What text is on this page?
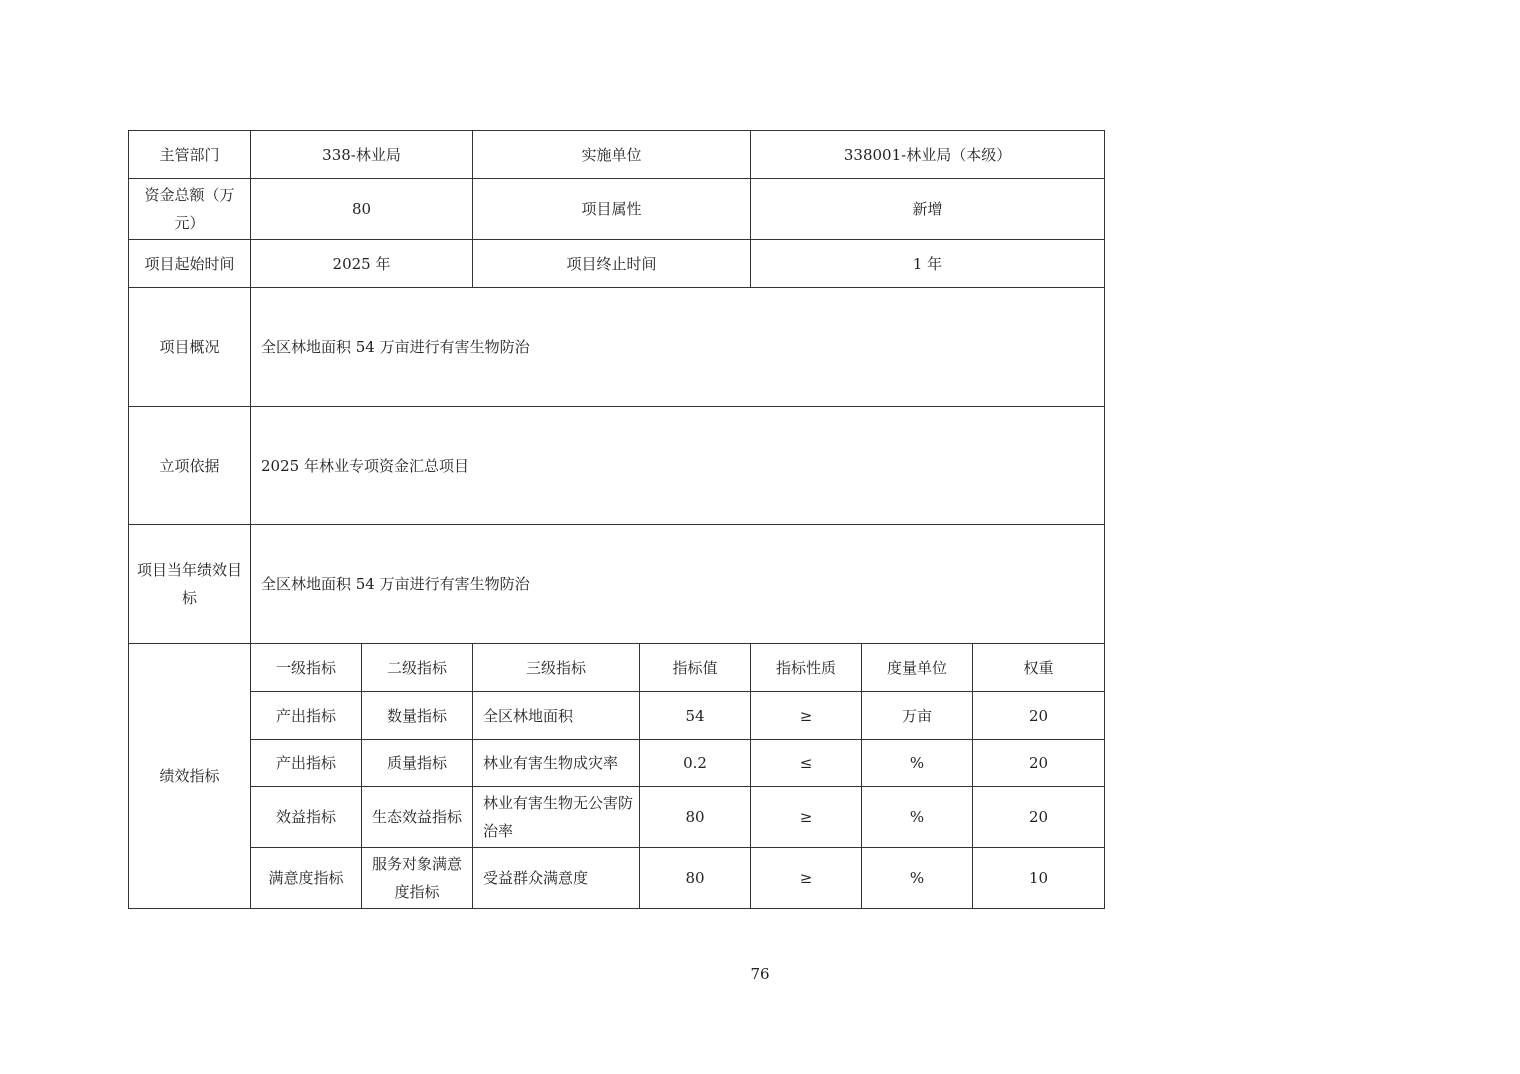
主管部门	338-林业局		实施单位		338001-林业局（本级）		
资金总额（万元）	80		项目属性		新增		
项目起始时间	2025 年		项目终止时间		1 年		
项目概况	全区林地面积 54 万亩进行有害生物防治						
立项依据	2025 年林业专项资金汇总项目						
项目当年绩效目标	全区林地面积 54 万亩进行有害生物防治						
绩效指标	一级指标	二级指标	三级指标	指标值	指标性质	度量单位	权重
	产出指标	数量指标	全区林地面积	54	≥	万亩	20
	产出指标	质量指标	林业有害生物成灾率	0.2	≤	%	20
	效益指标	生态效益指标	林业有害生物无公害防治率	80	≥	%	20
	满意度指标	服务对象满意度指标	受益群众满意度	80	≥	%	10
76
